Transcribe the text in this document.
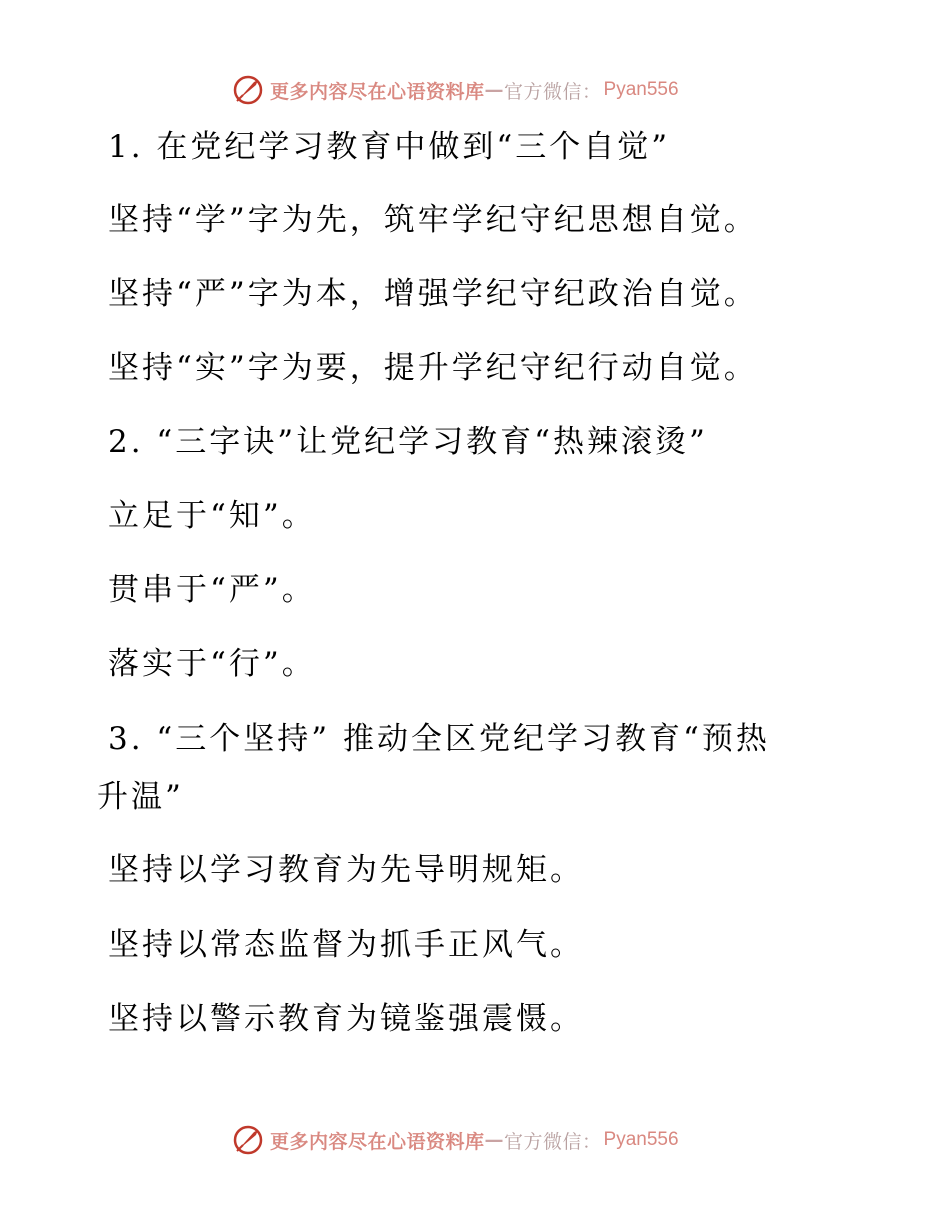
更多内容尽在心语资料库 — 官方微信： Pyan556
1. 在党纪学习教育中做到“三个自觉”
坚持“学”字为先，筑牢学纪守纪思想自觉。
坚持“严”字为本，增强学纪守纪政治自觉。
坚持“实”字为要，提升学纪守纪行动自觉。
2. “三字诀”让党纪学习教育“热辣滚烫”
立足于“知”。
贯串于“严”。
落实于“行”。
3. “三个坚持” 推动全区党纪学习教育“预热
升温”
坚持以学习教育为先导明规矩。
坚持以常态监督为抓手正风气。
坚持以警示教育为镜鉴强震慑。
更多内容尽在心语资料库 — 官方微信： Pyan556
